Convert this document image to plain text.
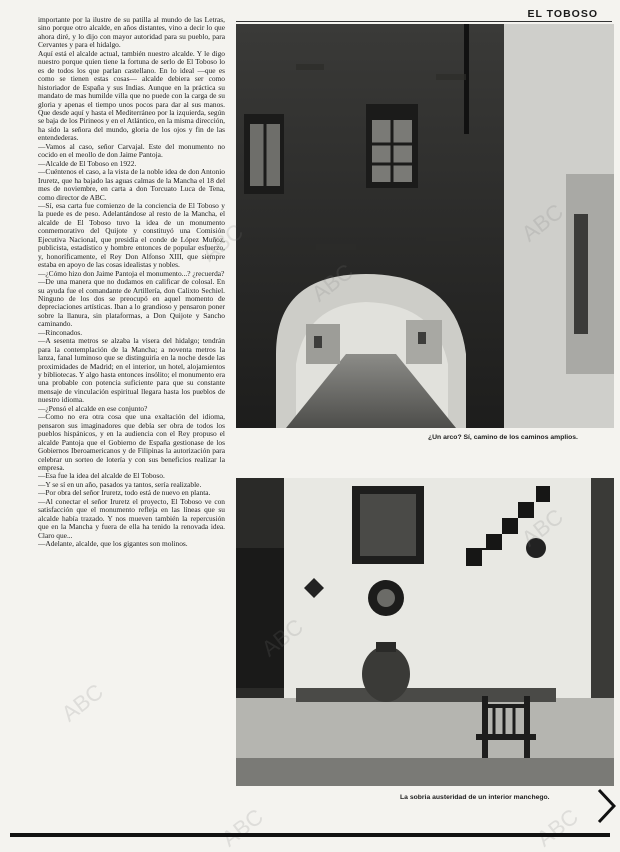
EL TOBOSO

importante por la ilustre de su patilla al mundo de las Letras, sino porque otro alcalde, en años distantes, vino a decir lo que ahora diré, y lo dijo con mayor autoridad para su pueblo, para Cervantes y para el hidalgo.

Aquí está el alcalde actual, también nuestro alcalde. Y le digo nuestro porque quien tiene la fortuna de serlo de El Toboso lo es de todos los que parlan castellano. En lo ideal —que es como se tienen estas cosas— alcalde debiera ser como historiador de España y sus Indias. Aunque en la práctica su mandato de mas humilde villa que no puede con la carga de su gloria y apenas el tiempo unos pocos para dar al sus manos. Que desde aquí y hasta el Mediterráneo por la izquierda, según se baja de los Pirineos y en el Atlántico, en la misma dirección, ha sido la señora del mundo, gloria de los ojos y fin de las entendederas.

—Vamos al caso, señor Carvajal. Este del monumento no cocido en el meollo de don Jaime Pantoja.

—Alcalde de El Toboso en 1922.

—Cuéntenos el caso, a la vista de la noble idea de don Antonio Iruretz, que ha bajado las aguas calmas de la Mancha el 18 del mes de noviembre, en carta a don Torcuato Luca de Tena, como director de ABC.

—Sí, esa carta fue comienzo de la conciencia de El Toboso y la puede es de peso. Adelantándose al resto de la Mancha, el alcalde de El Toboso tuvo la idea de un monumento conmemorativo del Quijote y constituyó una Comisión Ejecutiva Nacional, que presidía el conde de López Muñoz, publicista, estadístico y hombre entonces de popular esfuerzo, y, honoríficamente, el Rey Don Alfonso XIII, que siempre estaba en apoyo de las cosas idealistas y nobles.

—¿Cómo hizo don Jaime Pantoja el monumento...? ¿recuerda?

—De una manera que no dudamos en calificar de colosal. En su ayuda fue el comandante de Artillería, don Calixto Sechiel. Ninguno de los dos se preocupó en aquel momento de depreciaciones artísticas. Iban a lo grandioso y pensaron poner sobre la llanura, sin plataformas, a Don Quijote y Sancho caminando.

—Rinconados.

—A sesenta metros se alzaba la visera del hidalgo; tendrán para la contemplación de la Mancha; a noventa metros la lanza, fanal luminoso que se distinguiría en la noche desde las proximidades de Madrid; en el interior, un hotel, alojamientos y bibliotecas. Y algo hasta entonces insólito; el monumento era una probable con potencia suficiente para que su constante mensaje de vinculación espiritual llegara hasta los pueblos de nuestro idioma.

—¿Pensó el alcalde en ese conjunto?

—Como no era otra cosa que una exaltación del idioma, pensaron sus imaginadores que debía ser obra de todos los pueblos hispánicos, y en la audiencia con el Rey propuso el alcalde Pantoja que el Gobierno de España gestionase de los Gobiernos Iberoamericanos y de Filipinas la autorización para celebrar un sorteo de lotería y con sus beneficios realizar la empresa.

—Esa fue la idea del alcalde de El Toboso.

—Y se sí en un año, pasados ya tantos, sería realizable.

—Por obra del señor Iruretz, todo está de nuevo en planta.

—Al conectar el señor Iruretz el proyecto, El Toboso ve con satisfacción que el monumento refleja en las líneas que su alcalde había trazado. Y nos mueven también la repercusión que en la Mancha y fuera de ella ha tenido la renovada idea. Claro que...

—Adelante, alcalde, que los gigantes son molinos.

¿Un arco? Sí, camino de los caminos amplios.
La sobria austeridad de un interior manchego.
ABC
ABC
ABC	ABC
